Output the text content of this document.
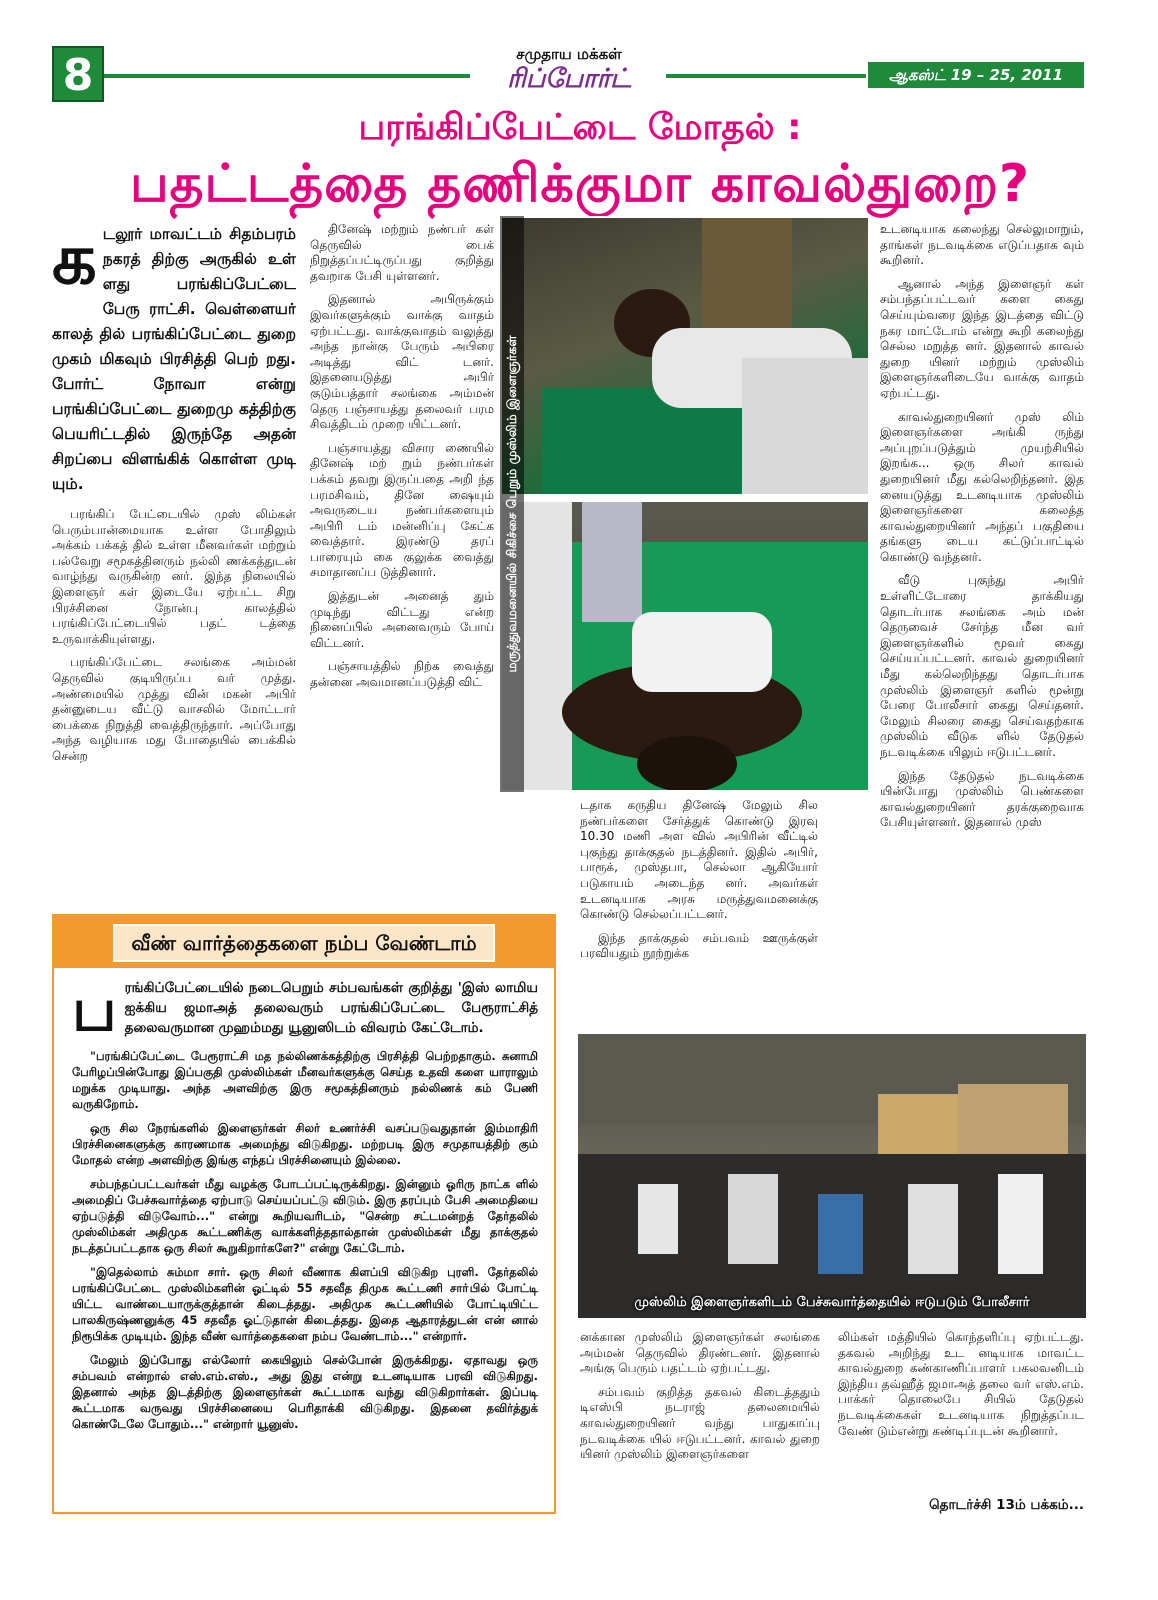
8	சமுதாய மக்கள்
ரிப்போர்ட்	ஆகஸ்ட் 19 – 25, 2011
பரங்கிப்பேட்டை மோதல் :
பதட்டத்தை தணிக்குமா காவல்துறை?
க டலூர் மாவட்டம் சிதம்பரம் நகரத் திற்கு அருகில் உள் ளது பரங்கிப்பேட்டை பேரு ராட்சி. வெள்ளையர் காலத் தில் பரங்கிப்பேட்டை துறை முகம் மிகவும் பிரசித்தி பெற் றது. போர்ட் நோவா என்று பரங்கிப்பேட்டை துறைமு கத்திற்கு பெயரிட்டதில் இருந்தே அதன் சிறப்பை விளங்கிக் கொள்ள முடி யும்.

பரங்கிப் பேட்டையில் முஸ் லிம்கள் பெரும்பான்மையாக உள்ள போதிலும் அக்கம் பக்கத் தில் உள்ள மீனவர்கள் மற்றும் பல்வேறு சமூகத்தினரும் நல்லி ணக்கத்துடன் வாழ்ந்து வருகின்ற னர். இந்த நிலையில் இளைஞர் கள் இடையே ஏற்பட்ட சிறு பிரச்சினை நோன்பு காலத்தில் பரங்கிப்பேட்டையில் பதட் டத்தை உருவாக்கியுள்ளது.

பரங்கிப்பேட்டை சலங்கை அம்மன் தெருவில் குடியிருப்ப வர் முத்து. அண்மையில் முத்து வின் மகன் அபிர் தன்னுடைய வீட்டு வாசலில் மோட்டார் பைக்கை நிறுத்தி வைத்திருந்தார். அப்போது அந்த வழியாக மது போதையில் பைக்கில் சென்ற

தினேஷ் மற்றும் நண்பர் கள் தெருவில் பைக் நிறுத்தப்பட்டிருப்பது குறித்து தவறாக பேசி யுள்ளனர்.

இதனால் அபிருக்கும் இவர்களுக்கும் வாக்கு வாதம் ஏற்பட்டது. வாக்குவாதம் வலுத்து அந்த நான்கு பேரும் அபிரை அடித்து விட் டனர். இதனையடுத்து அபிர் குடும்பத்தார் சலங்கை அம்மன் தெரு பஞ்சாயத்து தலைவர் பரம சிவத்திடம் முறை யிட்டனர்.

பஞ்சாயத்து விசார ணையில் தினேஷ் மற் றும் நண்பர்கள் பக்கம் தவறு இருப்பதை அறி ந்த பரமசிவம், தினே ஷையும் அவருடைய நண்பர்களையும் அபிரி டம் மன்னிப்பு கேட்க வைத்தார். இரண்டு தரப் பாரையும் கை குலுக்க வைத்து சமாதானப்ப டுத்தினார்.

இத்துடன் அனைத் தும் முடிந்து விட்டது என்ற நினைப்பில் அனைவரும் போய் விட்டனர்.

பஞ்சாயத்தில் நிற்க வைத்து தன்னை அவமானப்படுத்தி விட்

மருத்துவமனையில் சிகிச்சை பெறும் முஸ்லிம் இளைஞர்கள்

உடனடியாக கலைந்து செல்லுமாறும், தாங்கள் நடவடிக்கை எடுப்பதாக வும் கூறினர்.

ஆனால் அந்த இளைஞர் கள் சம்பந்தப்பட்டவர் களை கைது செய்யும்வரை இந்த இடத்தை விட்டு நகர மாட்டோம் என்று கூறி கலைந்து செல்ல மறுத்த னர். இதனால் காவல் துறை யினர் மற்றும் முஸ்லிம் இளைஞர்களிடையே வாக்கு வாதம் ஏற்பட்டது.

காவல்துறையினர் முஸ் லிம் இளைஞர்களை அங்கி ருந்து அப்புறப்படுத்தும் முயற்சியில் இறங்க... ஒரு சிலர் காவல் துறையினர் மீது கல்லெறிந்தனர். இத னையடுத்து உடனடியாக முஸ்லிம் இளைஞர்களை கலைத்த காவல்துறையினர் அந்தப் பகுதியை தங்களு டைய கட்டுப்பாட்டில் கொண்டு வந்தனர்.

வீடு புகுந்து அபிர் உள்ளிட்டோரை தாக்கியது தொடர்பாக சலங்கை அம் மன் தெருவைச் சேர்ந்த மீன வர் இளைஞர்களில் மூவர் கைது செய்யப்பட்டனர். காவல் துறையினர் மீது கல்லெறிந்தது தொடர்பாக முஸ்லிம் இளைஞர் களில் மூன்று பேரை போலீசார் கைது செய்தனர். மேலும் சிலரை கைது செய்வதற்காக முஸ்லிம் வீடுக ளில் தேடுதல் நடவடிக்கை யிலும் ஈடுபட்டனர்.

இந்த தேடுதல் நடவடிக்கை யின்போது முஸ்லிம் பெண்களை காவல்துறையினர் தரக்குறைவாக பேசியுள்ளனர். இதனால் முஸ்

டதாக கருதிய தினேஷ் மேலும் சில நண்பர்களை சேர்த்துக் கொண்டு இரவு 10.30 மணி அள வில் அபிரின் வீட்டில் புகுந்து தாக்குதல் நடத்தினர். இதில் அபிர், பாரூக், முஸ்தபா, செல்லா ஆகியோர் படுகாயம் அடைந்த னர். அவர்கள் உடனடியாக அரசு மருத்துவமனைக்கு கொண்டு செல்லப்பட்டனர்.

இந்த தாக்குதல் சம்பவம் ஊருக்குள் பரவியதும் நூற்றுக்க

வீண் வார்த்தைகளை நம்ப வேண்டாம்
ப ரங்கிப்பேட்டையில் நடைபெறும் சம்பவங்கள் குறித்து 'இஸ் லாமிய ஐக்கிய ஜமாஅத் தலைவரும் பரங்கிப்பேட்டை பேரூராட்சித் தலைவருமான முஹம்மது யூனுஸிடம் விவரம் கேட்டோம்.

"பரங்கிப்பேட்டை பேரூராட்சி மத நல்லிணக்கத்திற்கு பிரசித்தி பெற்றதாகும். சுனாமி பேரிழப்பின்போது இப்பகுதி முஸ்லிம்கள் மீனவர்களுக்கு செய்த உதவி களை யாராலும் மறுக்க முடியாது. அந்த அளவிற்கு இரு சமூகத்தினரும் நல்லிணக் கம் பேணி வருகிறோம்.

ஒரு சில நேரங்களில் இளைஞர்கள் சிலர் உணர்ச்சி வசப்படுவதுதான் இம்மாதிரி பிரச்சினைகளுக்கு காரணமாக அமைந்து விடுகிறது. மற்றபடி இரு சமுதாயத்திற் கும் மோதல் என்ற அளவிற்கு இங்கு எந்தப் பிரச்சினையும் இல்லை.

சம்பந்தப்பட்டவர்கள் மீது வழக்கு போடப்பட்டிருக்கிறது. இன்னும் ஓரிரு நாட்க ளில் அமைதிப் பேச்சுவார்த்தை ஏற்பாடு செய்யப்பட்டு விடும். இரு தரப்பும் பேசி அமைதியை ஏற்படுத்தி விடுவோம்..." என்று கூறியவரிடம், "சென்ற சட்டமன்றத் தேர்தலில் முஸ்லிம்கள் அதிமுக கூட்டணிக்கு வாக்களித்ததால்தான் முஸ்லிம்கள் மீது தாக்குதல் நடத்தப்பட்டதாக ஒரு சிலர் கூறுகிறார்களே?" என்று கேட்டோம்.

"இதெல்லாம் சும்மா சார். ஒரு சிலர் வீணாக கிளப்பி விடுகிற புரளி. தேர்தலில் பரங்கிப்பேட்டை முஸ்லிம்களின் ஓட்டில் 55 சதவீத திமுக கூட்டணி சாா்பில் போட்டி யிட்ட வாண்டையாருக்குத்தான் கிடைத்தது. அதிமுக கூட்டணியில் போட்டியிட்ட பாலகிருஷ்ணனுக்கு 45 சதவீத ஓட்டுதான் கிடைத்தது. இதை ஆதாரத்துடன் என் னால் நிரூபிக்க முடியும். இந்த வீண் வார்த்தைகளை நம்ப வேண்டாம்..." என்றார்.

மேலும் இப்போது எல்லோர் கையிலும் செல்போன் இருக்கிறது. ஏதாவது ஒரு சம்பவம் என்றால் எஸ்.எம்.எஸ்., அது இது என்று உடனடியாக பரவி விடுகிறது. இதனால் அந்த இடத்திற்கு இளைஞர்கள் கூட்டமாக வந்து விடுகிறார்கள். இப்படி கூட்டமாக வருவது பிரச்சினையை பெரிதாக்கி விடுகிறது. இதனை தவிர்த்துக் கொண்டேலே போதும்..." என்றார் யூனுஸ்.

முஸ்லிம் இளைஞர்களிடம் பேச்சுவார்த்தையில் ஈடுபடும் போலீசார்

னக்கான முஸ்லிம் இளைஞர்கள் சலங்கை அம்மன் தெருவில் திரண்டனர். இதனால் அங்கு பெரும் பதட்டம் ஏற்பட்டது.

சம்பவம் குறித்த தகவல் கிடைத்ததும் டிஎஸ்பி நடராஜ் தலைமையில் காவல்துறையினர் வந்து பாதுகாப்பு நடவடிக்கை யில் ஈடுபட்டனர். காவல் துறை யினர் முஸ்லிம் இளைஞர்களை

லிம்கள் மத்தியில் கொந்தளிப்பு ஏற்பட்டது. தகவல் அறிந்து உட னடியாக மாவட்ட காவல்துறை கண்காணிப்பாளர் பகலவனிடம் இந்திய தவ்ஹீத் ஜமாஅத் தலை வர் எஸ்.எம். பாக்கர் தொலைபே சியில் தேடுதல் நடவடிக்கைகள் உடனடியாக நிறுத்தப்பட வேண் டும்என்று கண்டிப்புடன் கூறினார்.

தொடர்ச்சி 13ம் பக்கம்...
